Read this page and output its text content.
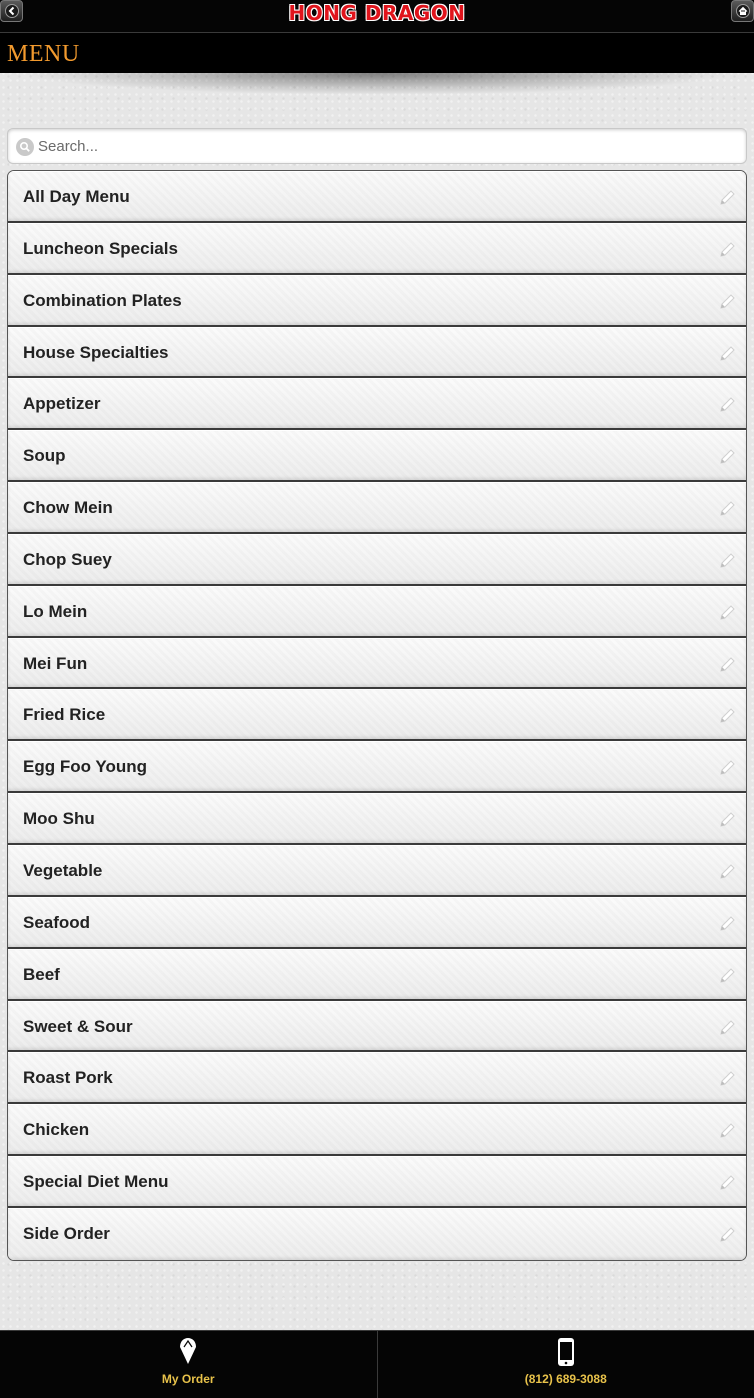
HONG DRAGON
MENU
Search...
All Day Menu
Luncheon Specials
Combination Plates
House Specialties
Appetizer
Soup
Chow Mein
Chop Suey
Lo Mein
Mei Fun
Fried Rice
Egg Foo Young
Moo Shu
Vegetable
Seafood
Beef
Sweet & Sour
Roast Pork
Chicken
Special Diet Menu
Side Order
My Order	(812) 689-3088
